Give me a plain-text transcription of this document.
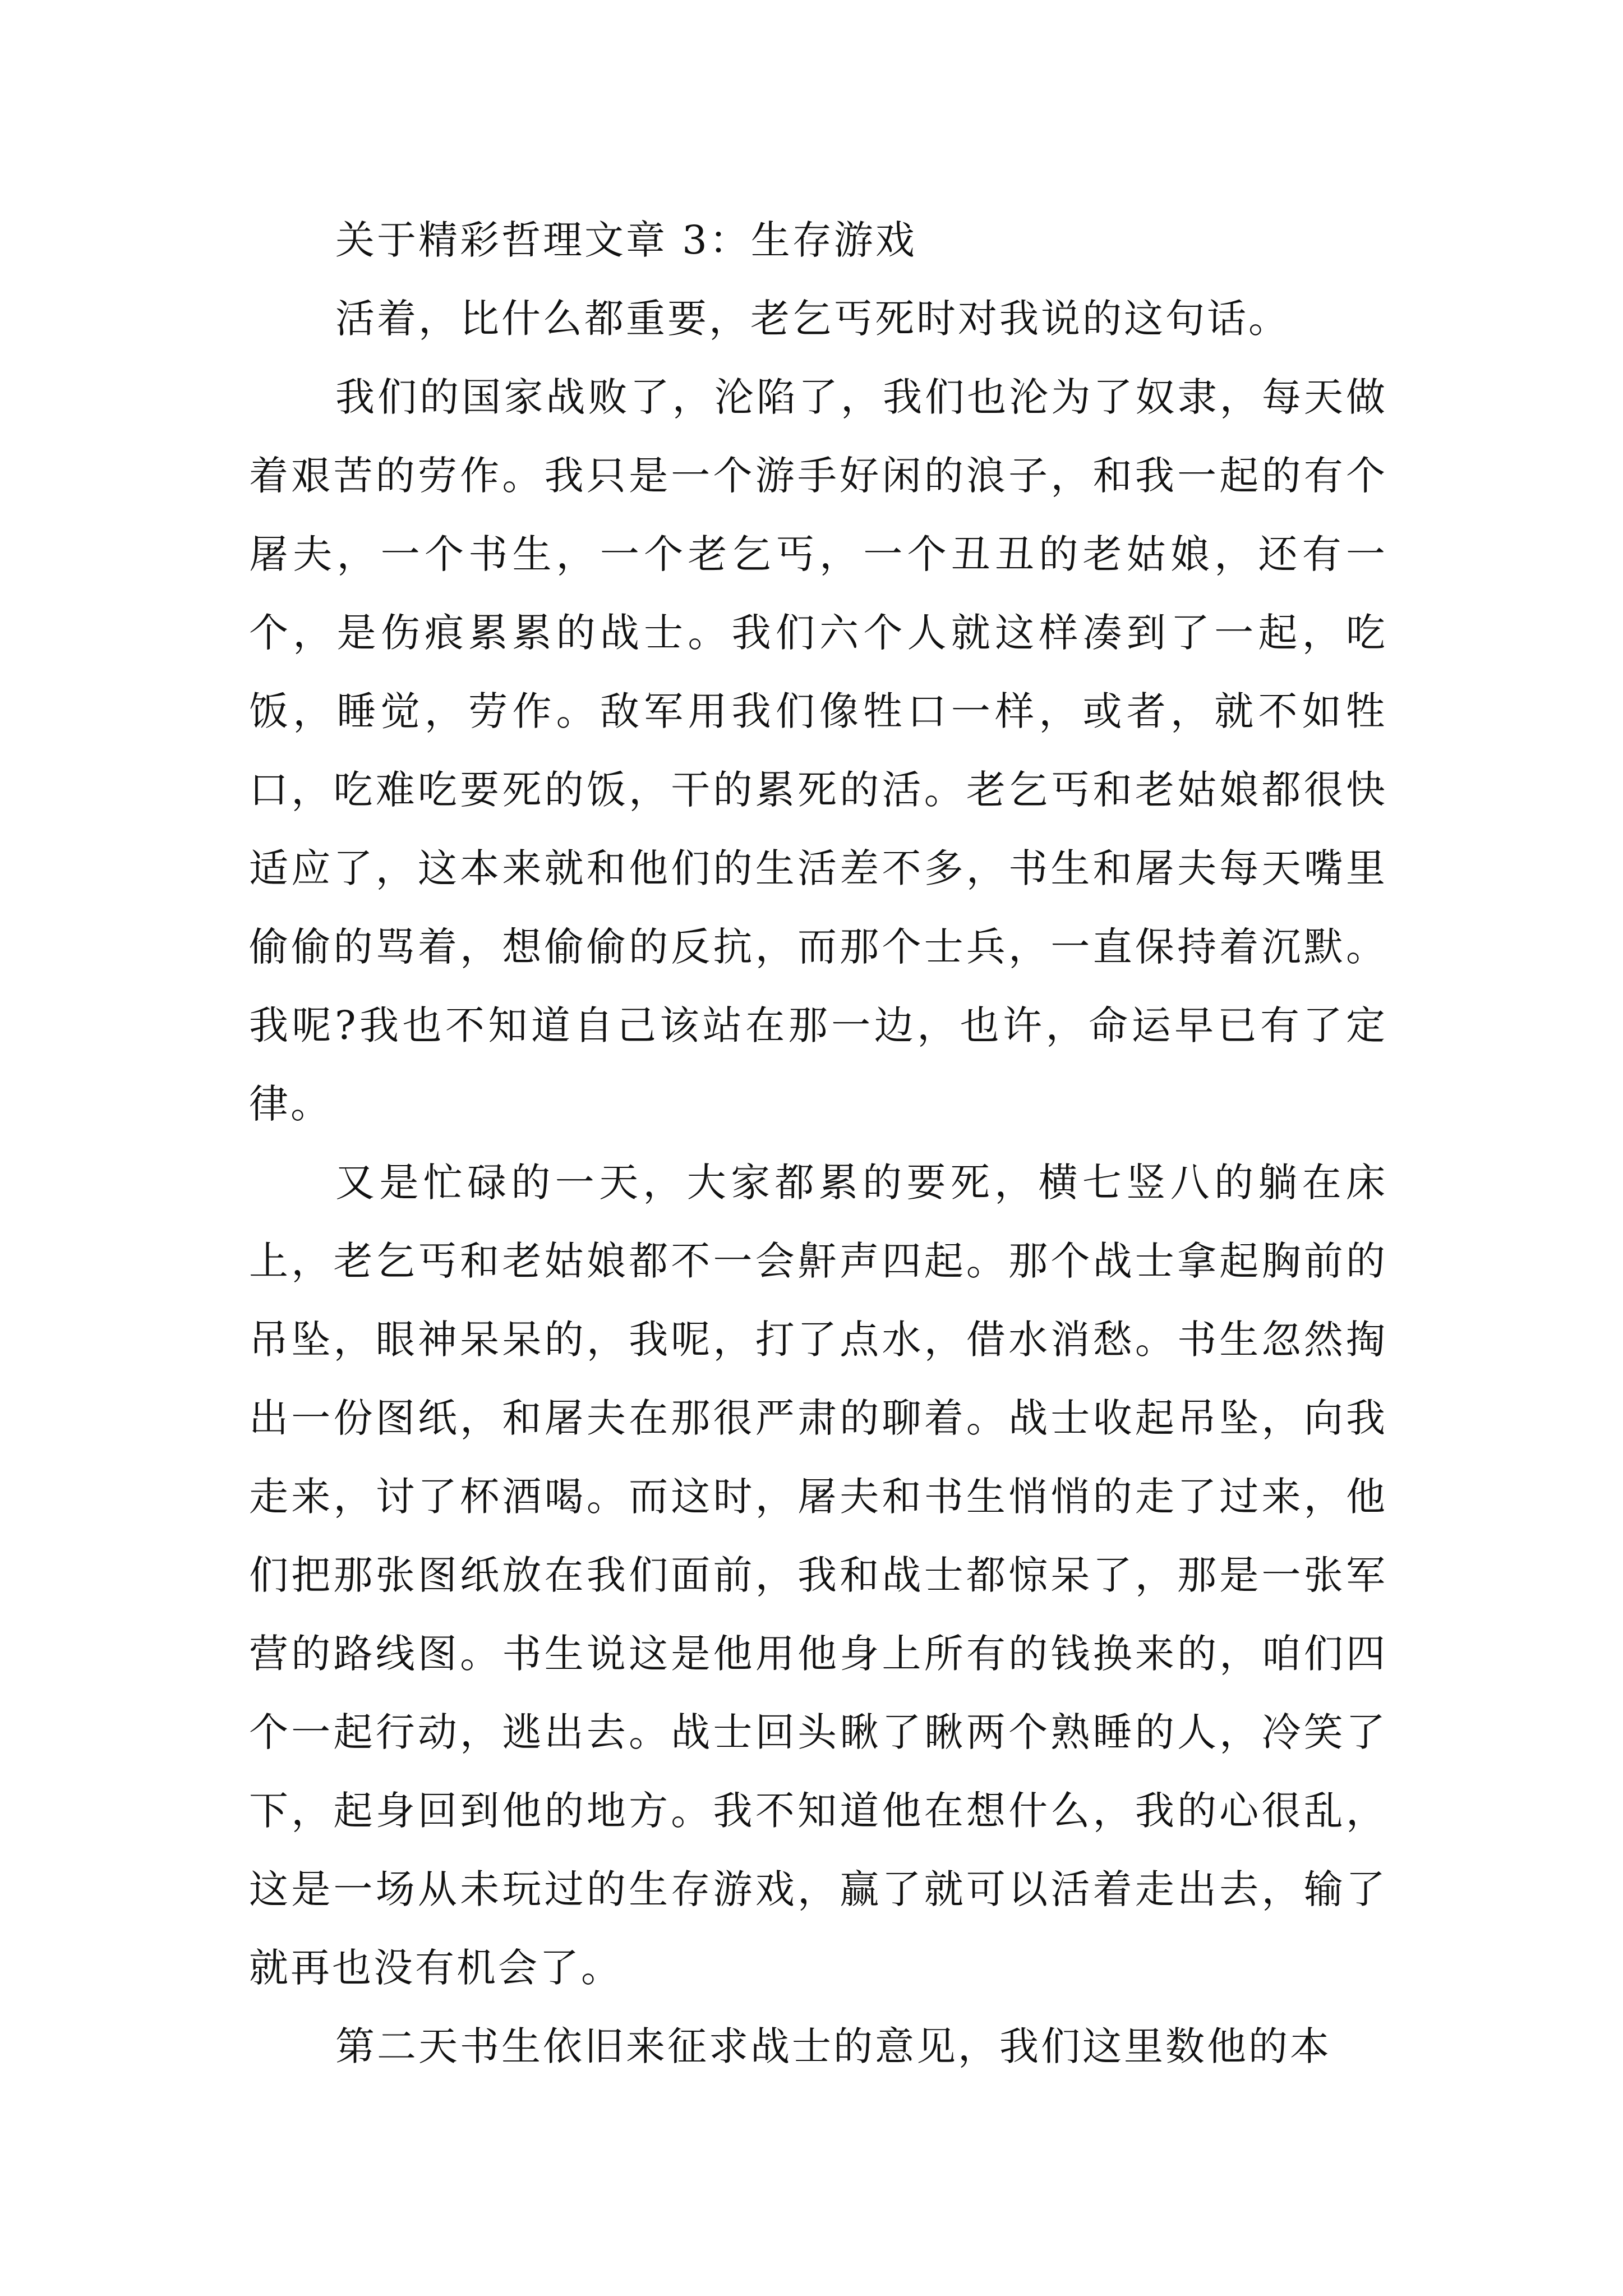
关于精彩哲理文章 3：生存游戏

活着，比什么都重要，老乞丐死时对我说的这句话。

我们的国家战败了，沦陷了，我们也沦为了奴隶，每天做着艰苦的劳作。我只是一个游手好闲的浪子，和我一起的有个屠夫，一个书生，一个老乞丐，一个丑丑的老姑娘，还有一个，是伤痕累累的战士。我们六个人就这样凑到了一起，吃饭，睡觉，劳作。敌军用我们像牲口一样，或者，就不如牲口，吃难吃要死的饭，干的累死的活。老乞丐和老姑娘都很快适应了，这本来就和他们的生活差不多，书生和屠夫每天嘴里偷偷的骂着，想偷偷的反抗，而那个士兵，一直保持着沉默。我呢?我也不知道自己该站在那一边，也许，命运早已有了定律。

又是忙碌的一天，大家都累的要死，横七竖八的躺在床上，老乞丐和老姑娘都不一会鼾声四起。那个战士拿起胸前的吊坠，眼神呆呆的，我呢，打了点水，借水消愁。书生忽然掏出一份图纸，和屠夫在那很严肃的聊着。战士收起吊坠，向我走来，讨了杯酒喝。而这时，屠夫和书生悄悄的走了过来，他们把那张图纸放在我们面前，我和战士都惊呆了，那是一张军营的路线图。书生说这是他用他身上所有的钱换来的，咱们四个一起行动，逃出去。战士回头瞅了瞅两个熟睡的人，冷笑了下，起身回到他的地方。我不知道他在想什么，我的心很乱，这是一场从未玩过的生存游戏，赢了就可以活着走出去，输了就再也没有机会了。

第二天书生依旧来征求战士的意见，我们这里数他的本
